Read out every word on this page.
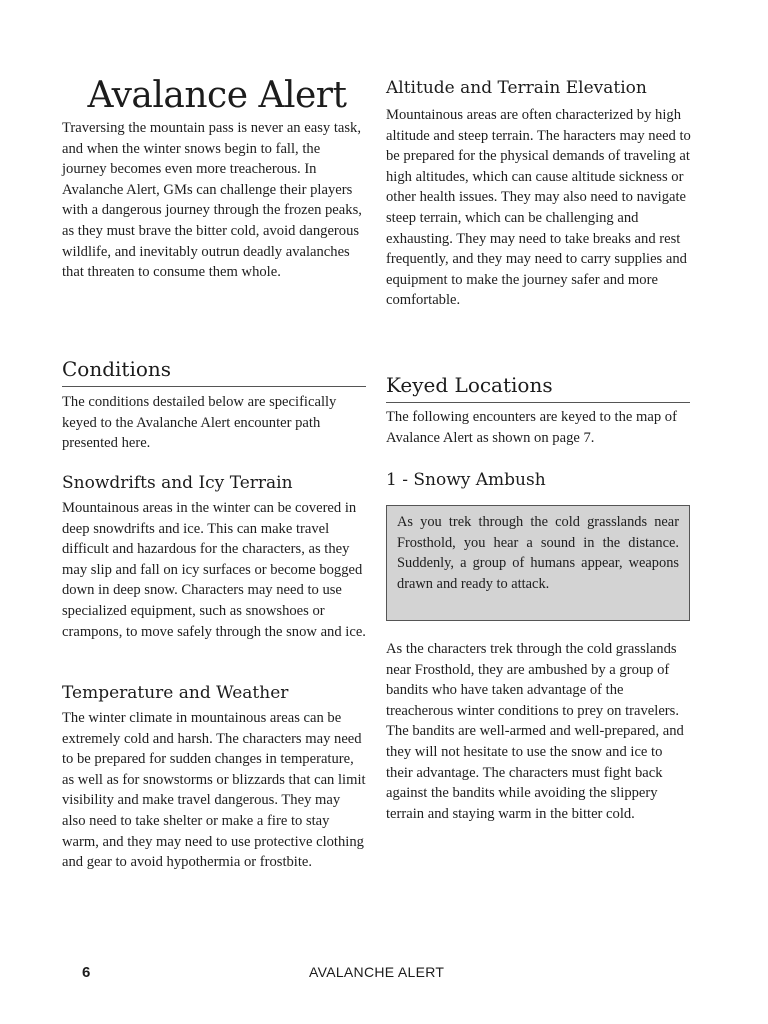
Avalance Alert

Traversing the mountain pass is never an easy task, and when the winter snows begin to fall, the journey becomes even more treacherous. In Avalanche Alert, GMs can challenge their players with a dangerous journey through the frozen peaks, as they must brave the bitter cold, avoid dangerous wildlife, and inevitably outrun deadly avalanches that threaten to consume them whole.

Conditions

The conditions destailed below are specifically keyed to the Avalanche Alert encounter path presented here.

Snowdrifts and Icy Terrain

Mountainous areas in the winter can be covered in deep snowdrifts and ice. This can make travel difficult and hazardous for the characters, as they may slip and fall on icy surfaces or become bogged down in deep snow. Characters may need to use specialized equipment, such as snowshoes or crampons, to move safely through the snow and ice.

Temperature and Weather

The winter climate in mountainous areas can be extremely cold and harsh. The characters may need to be prepared for sudden changes in temperature, as well as for snowstorms or blizzards that can limit visibility and make travel dangerous. They may also need to take shelter or make a fire to stay warm, and they may need to use protective clothing and gear to avoid hypothermia or frostbite.

Altitude and Terrain Elevation

Mountainous areas are often characterized by high altitude and steep terrain. The haracters may need to be prepared for the physical demands of traveling at high altitudes, which can cause altitude sickness or other health issues. They may also need to navigate steep terrain, which can be challenging and exhausting. They may need to take breaks and rest frequently, and they may need to carry supplies and equipment to make the journey safer and more comfortable.

Keyed Locations

The following encounters are keyed to the map of Avalance Alert as shown on page 7.

1 - Snowy Ambush

As you trek through the cold grasslands near Frosthold, you hear a sound in the distance. Suddenly, a group of humans appear, weapons drawn and ready to attack.

As the characters trek through the cold grasslands near Frosthold, they are ambushed by a group of bandits who have taken advantage of the treacherous winter conditions to prey on travelers. The bandits are well-armed and well-prepared, and they will not hesitate to use the snow and ice to their advantage. The characters must fight back against the bandits while avoiding the slippery terrain and staying warm in the bitter cold.

6	AVALANCHE ALERT
